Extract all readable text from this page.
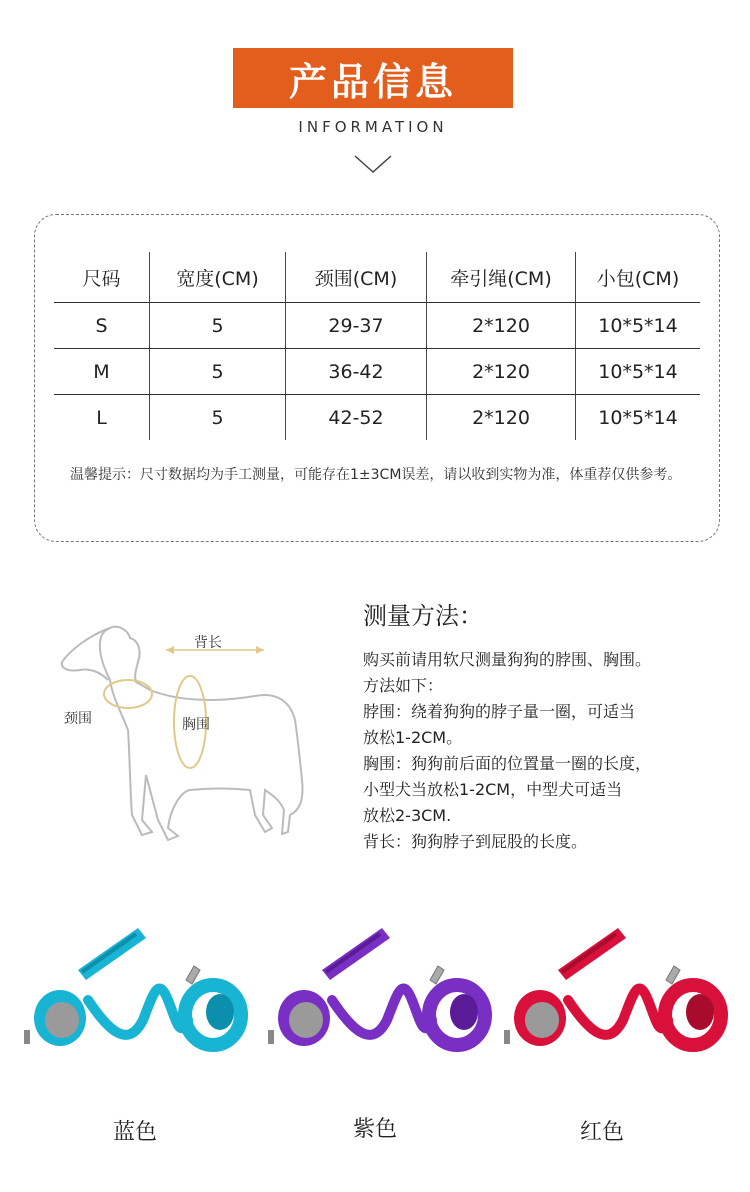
产品信息
INFORMATION
尺码	宽度(CM)	颈围(CM)	牵引绳(CM)	小包(CM)
S	5	29-37	2*120	10*5*14
M	5	36-42	2*120	10*5*14
L	5	42-52	2*120	10*5*14
温馨提示：尺寸数据均为手工测量，可能存在1±3CM误差，请以收到实物为准，体重荐仅供参考。
背长
颈围	胸围
测量方法：
购买前请用软尺测量狗狗的脖围、胸围。
方法如下：
脖围：绕着狗狗的脖子量一圈，可适当
放松1-2CM。
胸围：狗狗前后面的位置量一圈的长度，
小型犬当放松1-2CM，中型犬可适当
放松2-3CM.
背长：狗狗脖子到屁股的长度。
蓝色	紫色	红色
